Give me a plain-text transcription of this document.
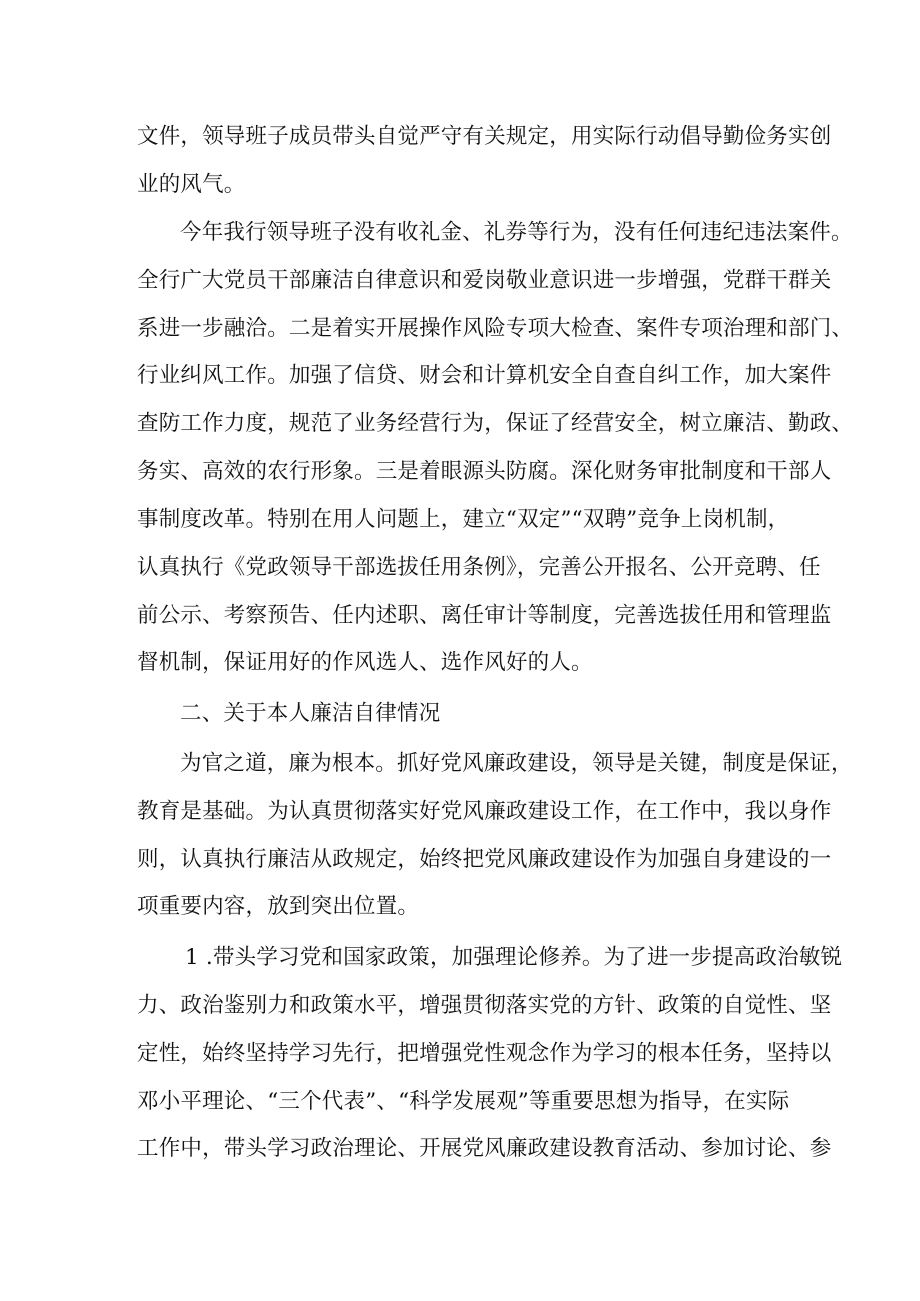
文件，领导班子成员带头自觉严守有关规定，用实际行动倡导勤俭务实创
业的风气。
今年我行领导班子没有收礼金、礼券等行为，没有任何违纪违法案件。
全行广大党员干部廉洁自律意识和爱岗敬业意识进一步增强，党群干群关
系进一步融洽。二是着实开展操作风险专项大检查、案件专项治理和部门、
行业纠风工作。加强了信贷、财会和计算机安全自查自纠工作，加大案件
查防工作力度，规范了业务经营行为，保证了经营安全，树立廉洁、勤政、
务实、高效的农行形象。三是着眼源头防腐。深化财务审批制度和干部人
事制度改革。特别在用人问题上，建立“双定”“双聘”竞争上岗机制，
认真执行《党政领导干部选拔任用条例》，完善公开报名、公开竞聘、任
前公示、考察预告、任内述职、离任审计等制度，完善选拔任用和管理监
督机制，保证用好的作风选人、选作风好的人。
二、关于本人廉洁自律情况
为官之道，廉为根本。抓好党风廉政建设，领导是关键，制度是保证，
教育是基础。为认真贯彻落实好党风廉政建设工作，在工作中，我以身作
则，认真执行廉洁从政规定，始终把党风廉政建设作为加强自身建设的一
项重要内容，放到突出位置。
1 .带头学习党和国家政策，加强理论修养。为了进一步提高政治敏锐
力、政治鉴别力和政策水平，增强贯彻落实党的方针、政策的自觉性、坚
定性，始终坚持学习先行，把增强党性观念作为学习的根本任务，坚持以
邓小平理论、“三个代表”、“科学发展观”等重要思想为指导，在实际
工作中，带头学习政治理论、开展党风廉政建设教育活动、参加讨论、参
